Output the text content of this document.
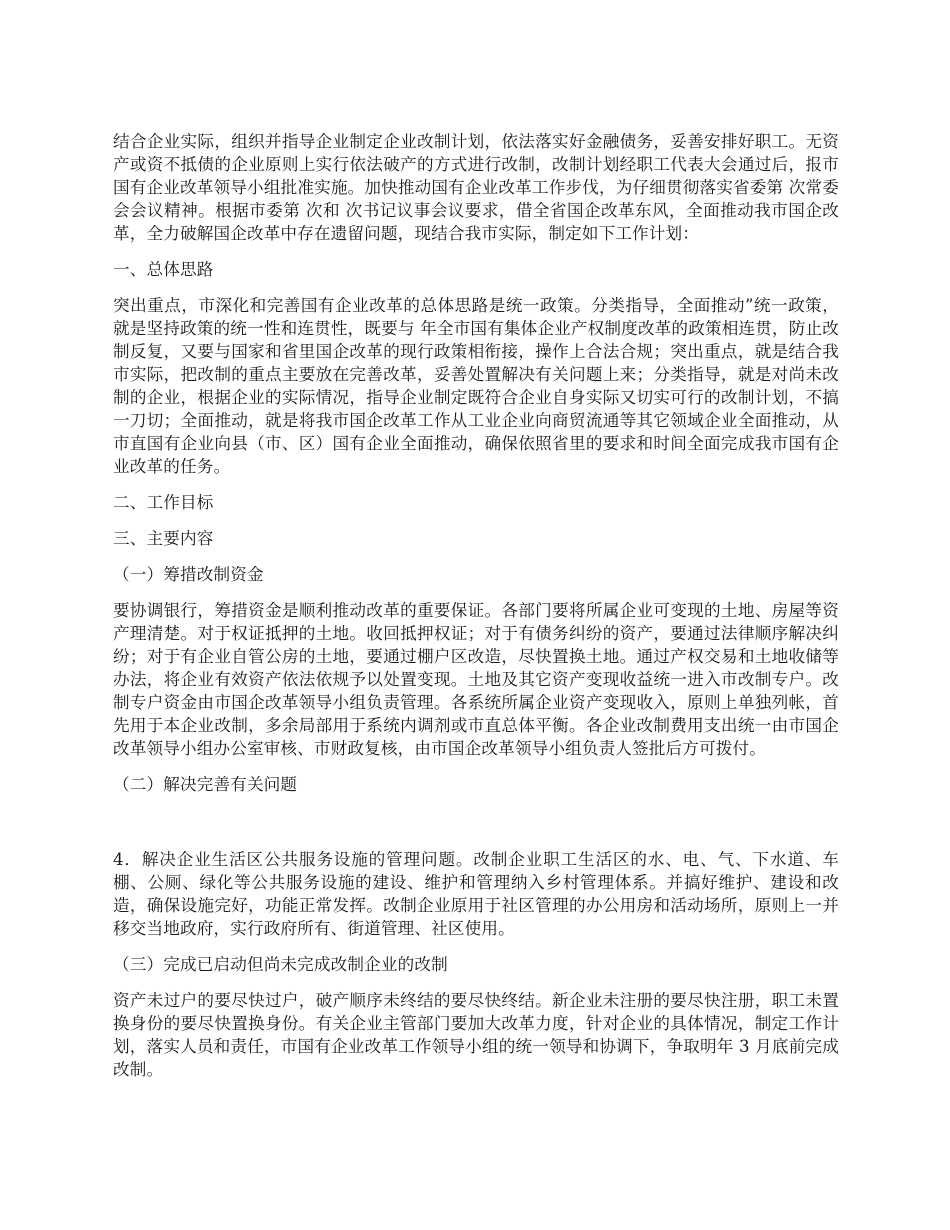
结合企业实际，组织并指导企业制定企业改制计划，依法落实好金融债务，妥善安排好职工。无资产或资不抵债的企业原则上实行依法破产的方式进行改制，改制计划经职工代表大会通过后，报市国有企业改革领导小组批准实施。加快推动国有企业改革工作步伐，为仔细贯彻落实省委第 次常委会会议精神。根据市委第 次和 次书记议事会议要求，借全省国企改革东风，全面推动我市国企改革，全力破解国企改革中存在遗留问题，现结合我市实际，制定如下工作计划：

一、总体思路

突出重点，市深化和完善国有企业改革的总体思路是统一政策。分类指导，全面推动”统一政策，就是坚持政策的统一性和连贯性，既要与 年全市国有集体企业产权制度改革的政策相连贯，防止改制反复，又要与国家和省里国企改革的现行政策相衔接，操作上合法合规；突出重点，就是结合我市实际，把改制的重点主要放在完善改革，妥善处置解决有关问题上来；分类指导，就是对尚未改制的企业，根据企业的实际情况，指导企业制定既符合企业自身实际又切实可行的改制计划，不搞一刀切；全面推动，就是将我市国企改革工作从工业企业向商贸流通等其它领域企业全面推动，从市直国有企业向县（市、区）国有企业全面推动，确保依照省里的要求和时间全面完成我市国有企业改革的任务。

二、工作目标

三、主要内容

（一）筹措改制资金

要协调银行，筹措资金是顺利推动改革的重要保证。各部门要将所属企业可变现的土地、房屋等资产理清楚。对于权证抵押的土地。收回抵押权证；对于有债务纠纷的资产，要通过法律顺序解决纠纷；对于有企业自管公房的土地，要通过棚户区改造，尽快置换土地。通过产权交易和土地收储等办法，将企业有效资产依法依规予以处置变现。土地及其它资产变现收益统一进入市改制专户。改制专户资金由市国企改革领导小组负责管理。各系统所属企业资产变现收入，原则上单独列帐，首先用于本企业改制，多余局部用于系统内调剂或市直总体平衡。各企业改制费用支出统一由市国企改革领导小组办公室审核、市财政复核，由市国企改革领导小组负责人签批后方可拨付。

（二）解决完善有关问题

4．解决企业生活区公共服务设施的管理问题。改制企业职工生活区的水、电、气、下水道、车棚、公厕、绿化等公共服务设施的建设、维护和管理纳入乡村管理体系。并搞好维护、建设和改造，确保设施完好，功能正常发挥。改制企业原用于社区管理的办公用房和活动场所，原则上一并移交当地政府，实行政府所有、街道管理、社区使用。

（三）完成已启动但尚未完成改制企业的改制

资产未过户的要尽快过户，破产顺序未终结的要尽快终结。新企业未注册的要尽快注册，职工未置换身份的要尽快置换身份。有关企业主管部门要加大改革力度，针对企业的具体情况，制定工作计划，落实人员和责任，市国有企业改革工作领导小组的统一领导和协调下，争取明年 3 月底前完成改制。
